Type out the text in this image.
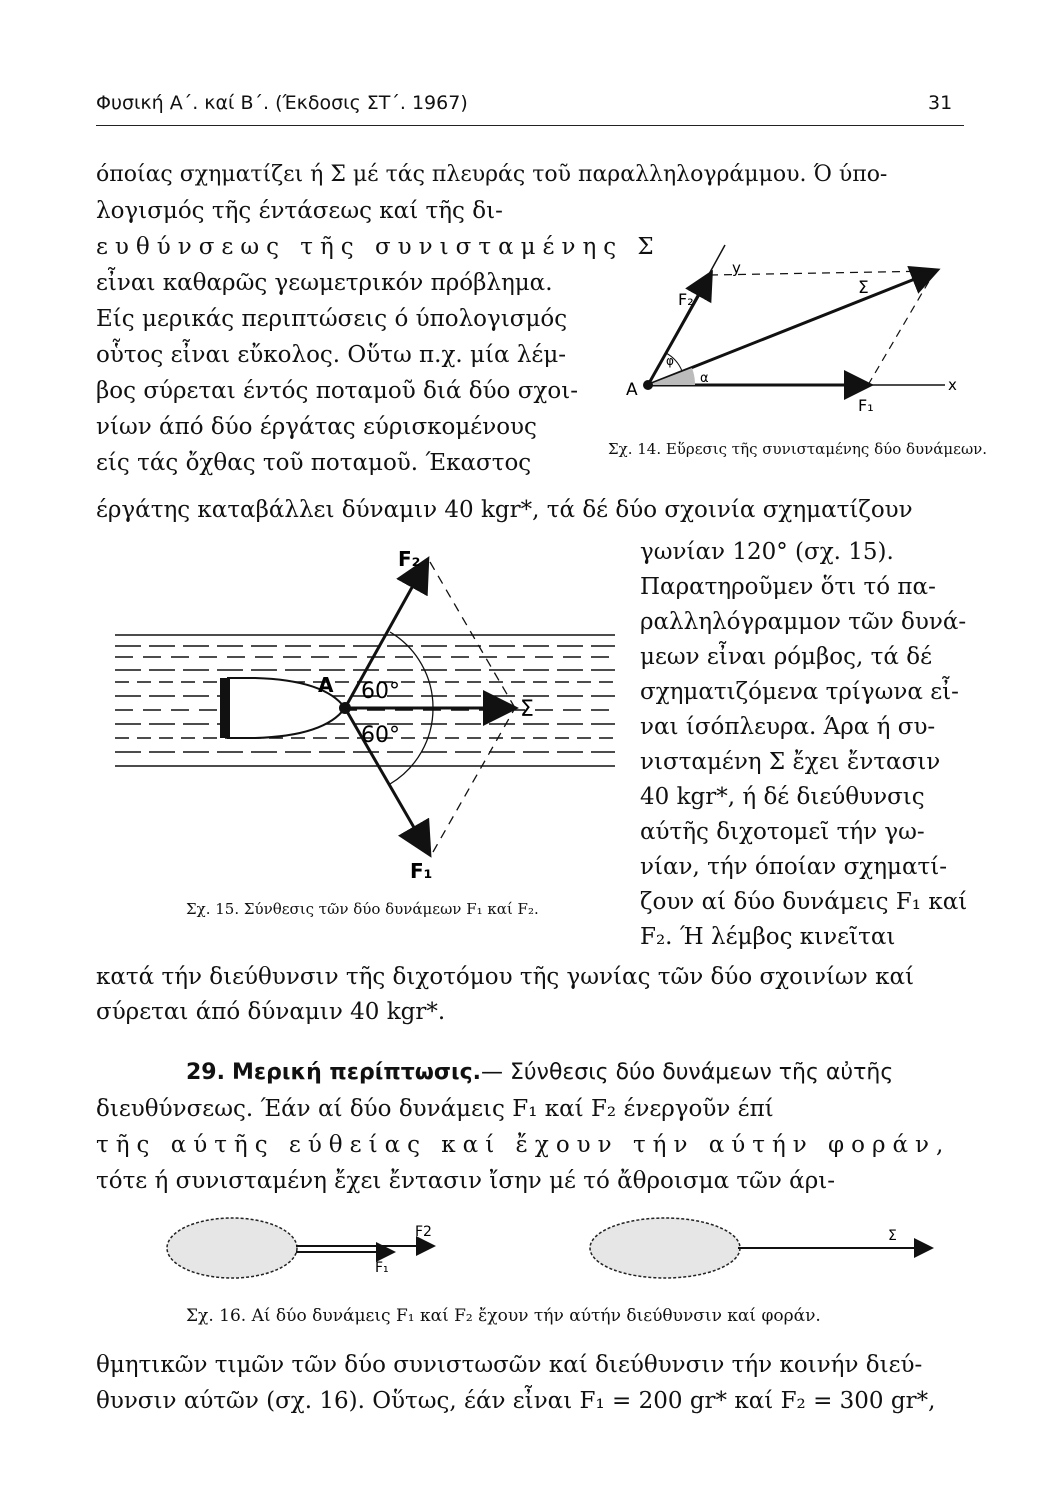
Φυσική Α΄. καί Β΄. (Έκδοσις ΣΤ΄. 1967)	31
όποίας σχηματίζει ή Σ μέ τάς πλευράς τοῦ παραλληλογράμμου. Ό ύπο-
λογισμός τῆς έντάσεως καί τῆς δι-
ευθύνσεως τῆς συνισταμένης Σ
εἶναι καθαρῶς γεωμετρικόν πρόβλημα.
Είς μερικάς περιπτώσεις ό ύπολογισμός
οὗτος εἶναι εὔκολος. Οὕτω π.χ. μία λέμ-
βος σύρεται έντός ποταμοῦ διά δύο σχοι-
νίων άπό δύο έργάτας εύρισκομένους
είς τάς ὄχθας τοῦ ποταμοῦ. Έκαστος
έργάτης καταβάλλει δύναμιν 40 kgr*, τά δέ δύο σχοινία σχηματίζουν
y
x
F₂
F₁
Σ
A
φ
α
Σχ. 14. Εὕρεσις τῆς συνισταμένης δύο δυνάμεων.
γωνίαν 120° (σχ. 15).
Παρατηροῦμεν ὅτι τό πα-
ραλληλόγραμμον τῶν δυνά-
μεων εἶναι ρόμβος, τά δέ
σχηματιζόμενα τρίγωνα εἶ-
ναι ίσόπλευρα. Άρα ή συ-
νισταμένη Σ ἔχει ἔντασιν
40 kgr*, ή δέ διεύθυνσις
αύτῆς διχοτομεῖ τήν γω-
νίαν, τήν όποίαν σχηματί-
ζουν αί δύο δυνάμεις F₁ καί
F₂. Ή λέμβος κινεῖται
κατά τήν διεύθυνσιν τῆς διχοτόμου τῆς γωνίας τῶν δύο σχοινίων καί
σύρεται άπό δύναμιν 40 kgr*.
F₂
F₁
A
Σ
60°
60°
Σχ. 15. Σύνθεσις τῶν δύο δυνάμεων F₁ καί F₂.
29. Μερική περίπτωσις.— Σύνθεσις δύο δυνάμεων τῆς αὐτῆς
διευθύνσεως. Έάν αί δύο δυνάμεις F₁ καί F₂ ένεργοῦν έπί
τῆς αύτῆς εύθείας καί ἔχουν τήν αύτήν φοράν,
τότε ή συνισταμένη ἔχει ἔντασιν ἴσην μέ τό ἄθροισμα τῶν άρι-
F2
F₁
Σ
Σχ. 16. Αί δύο δυνάμεις F₁ καί F₂ ἔχουν τήν αύτήν διεύθυνσιν καί φοράν.
θμητικῶν τιμῶν τῶν δύο συνιστωσῶν καί διεύθυνσιν τήν κοινήν διεύ-
θυνσιν αύτῶν (σχ. 16). Οὕτως, έάν εἶναι F₁ = 200 gr* καί F₂ = 300 gr*,
